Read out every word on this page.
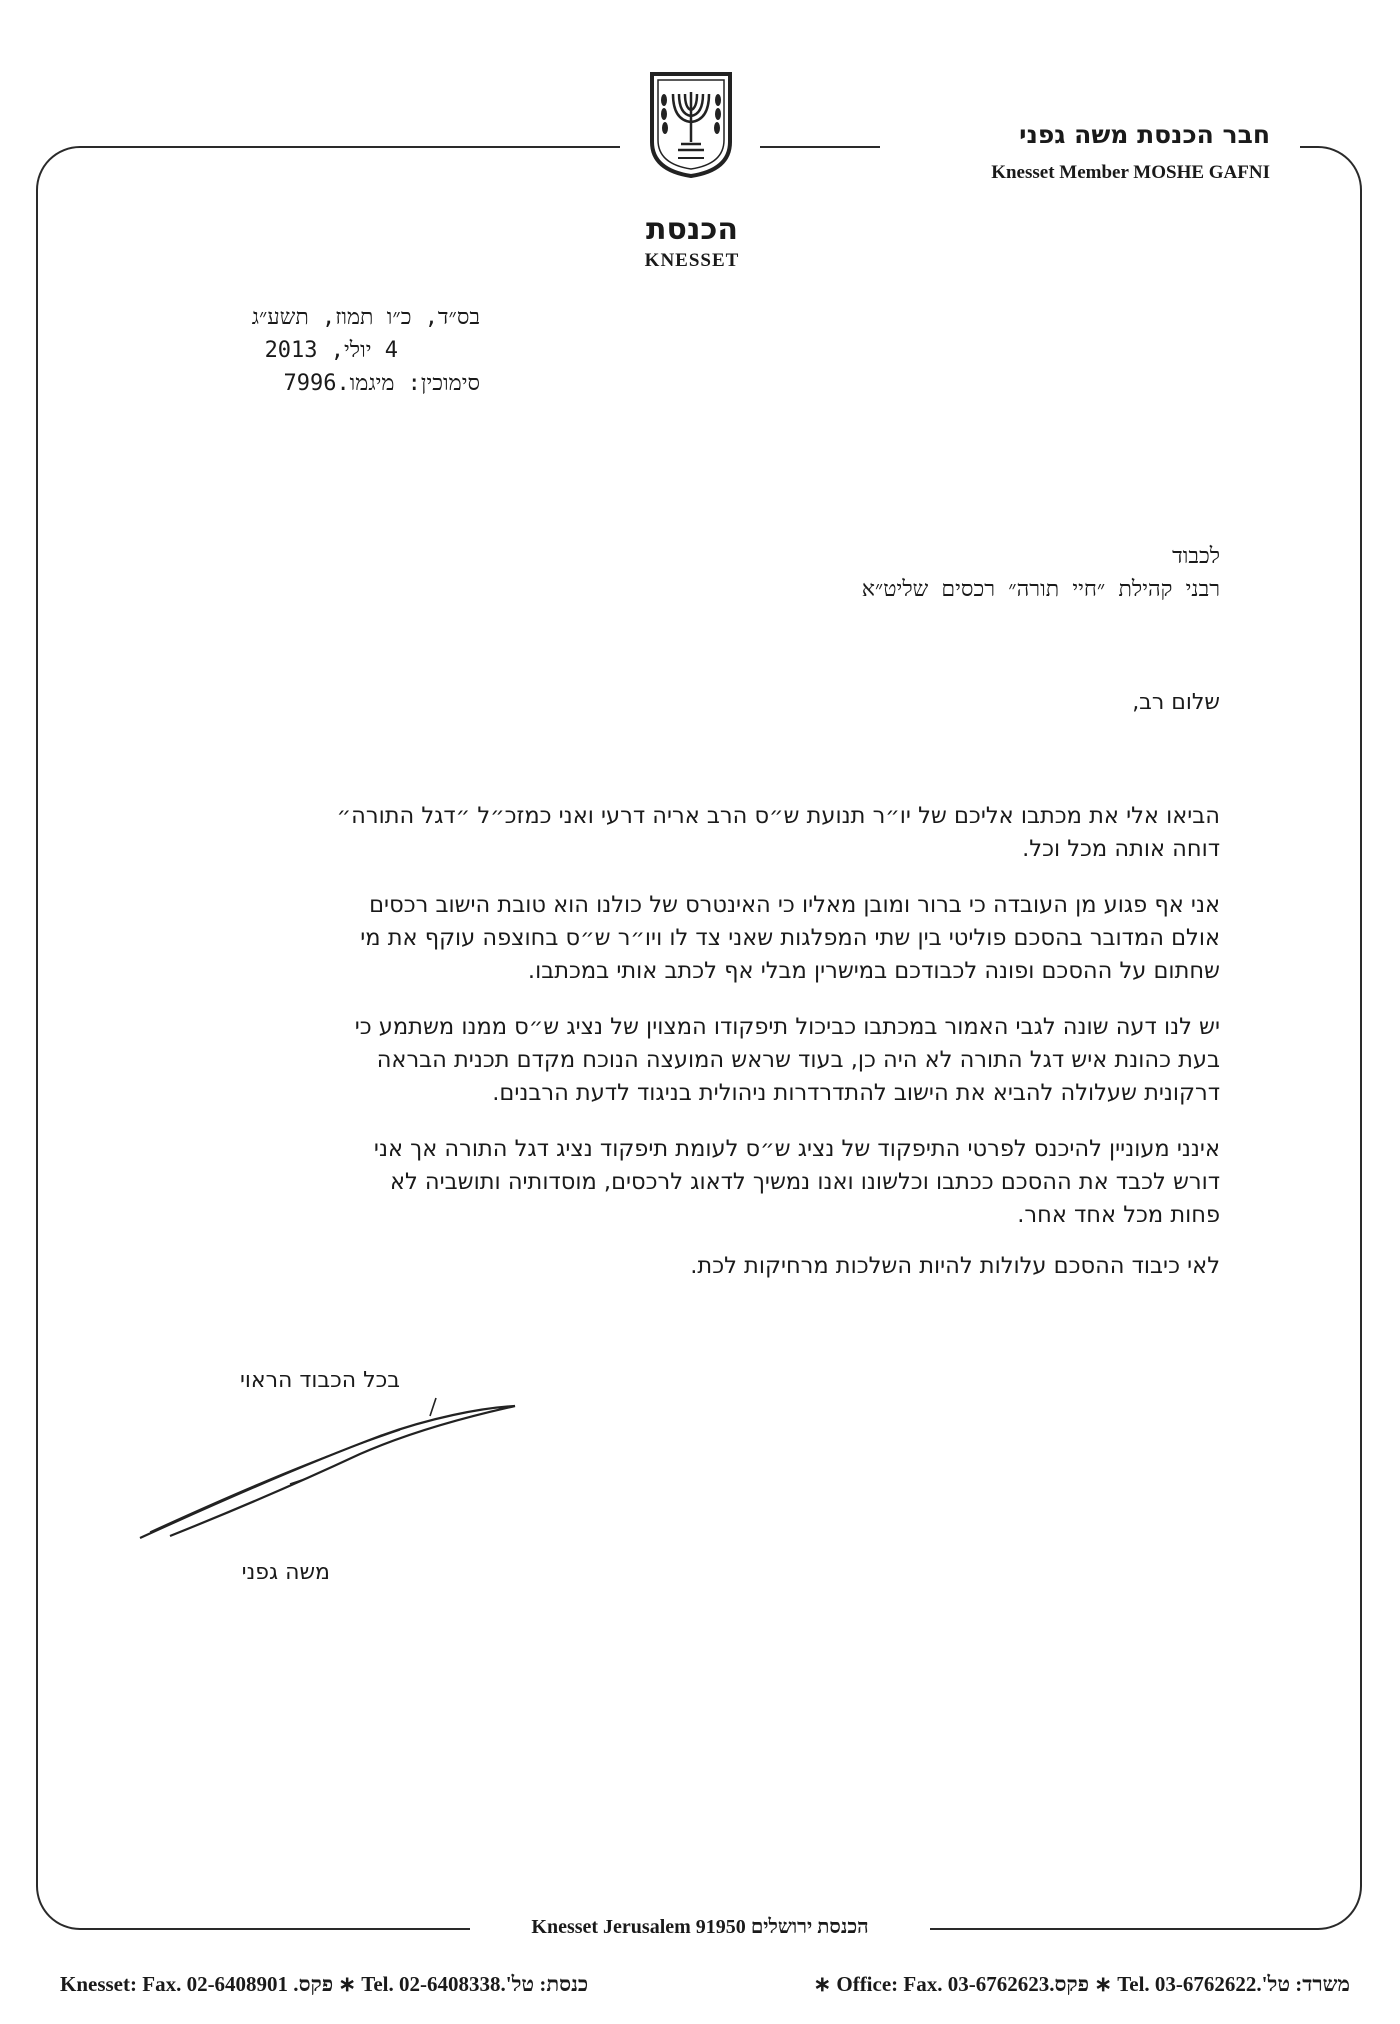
הכנסת
KNESSET
חבר הכנסת משה גפני
Knesset Member MOSHE GAFNI
בס״ד, כ״ו תמוז, תשע״ג
4 יולי, 2013
סימוכין: מיגמו.7996
לכבוד
רבני קהילת ״חיי תורה״ רכסים שליט״א
שלום רב,
הביאו אלי את מכתבו אליכם של יו״ר תנועת ש״ס הרב אריה דרעי ואני כמזכ״ל ״דגל התורה״
דוחה אותה מכל וכל.
אני אף פגוע מן העובדה כי ברור ומובן מאליו כי האינטרס של כולנו הוא טובת הישוב רכסים
אולם המדובר בהסכם פוליטי בין שתי המפלגות שאני צד לו ויו״ר ש״ס בחוצפה עוקף את מי
שחתום על ההסכם ופונה לכבודכם במישרין מבלי אף לכתב אותי במכתבו.
יש לנו דעה שונה לגבי האמור במכתבו כביכול תיפקודו המצוין של נציג ש״ס ממנו משתמע כי
בעת כהונת איש דגל התורה לא היה כן, בעוד שראש המועצה הנוכח מקדם תכנית הבראה
דרקונית שעלולה להביא את הישוב להתדרדרות ניהולית בניגוד לדעת הרבנים.
אינני מעוניין להיכנס לפרטי התיפקוד של נציג ש״ס לעומת תיפקוד נציג דגל התורה אך אני
דורש לכבד את ההסכם ככתבו וכלשונו ואנו נמשיך לדאוג לרכסים, מוסדותיה ותושביה לא
פחות מכל אחד אחר.
לאי כיבוד ההסכם עלולות להיות השלכות מרחיקות לכת.
בכל הכבוד הראוי
משה גפני
Knesset Jerusalem 91950 הכנסת ירושלים
Knesset: Fax. 02-6408901 .פקס ∗ Tel. 02-6408338.'כנסת: טל	∗ Office: Fax. 03-6762623.פקס ∗ Tel. 03-6762622.'משרד: טל
